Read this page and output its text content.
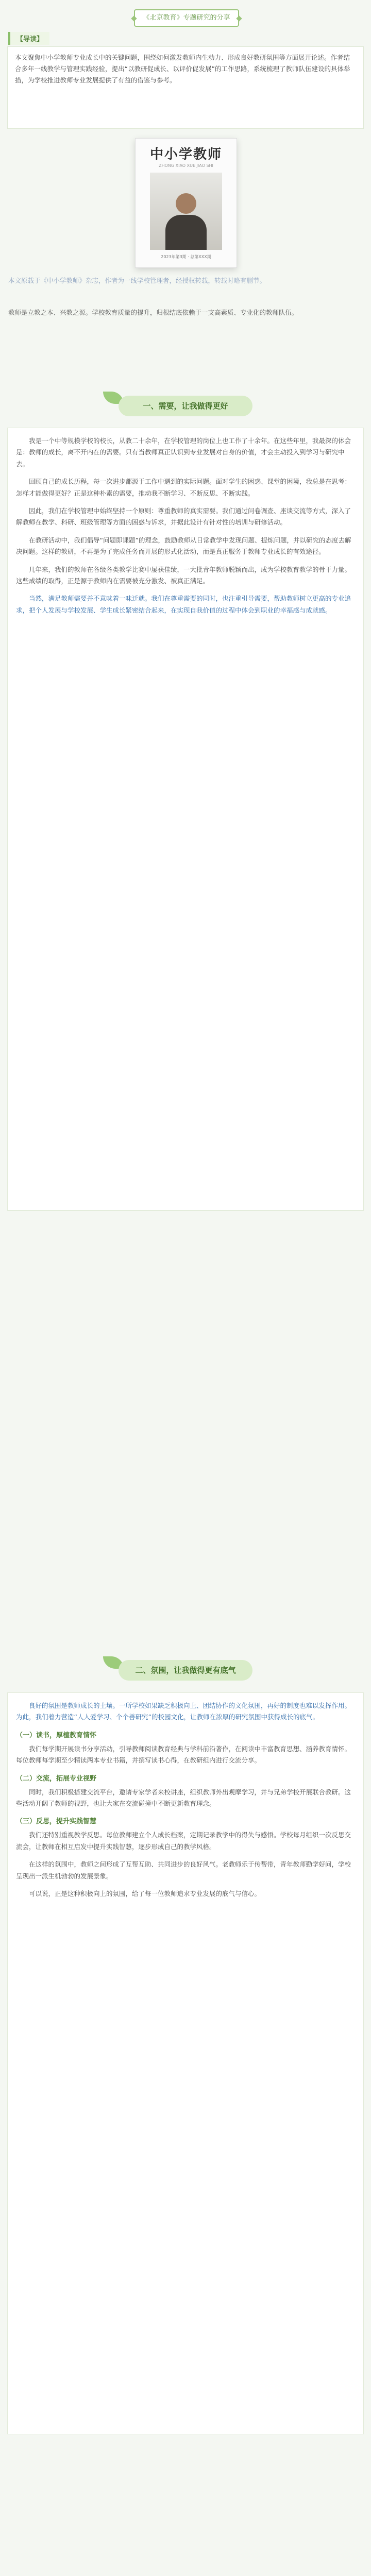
《北京教育》专题研究的分享
【导读】

本文聚焦中小学教师专业成长中的关键问题，围绕如何激发教师内生动力、形成良好教研氛围等方面展开论述。作者结合多年一线教学与管理实践经验，提出“以教研促成长、以评价促发展”的工作思路，系统梳理了教师队伍建设的具体举措，为学校推进教师专业发展提供了有益的借鉴与参考。

中小学教师
ZHONG XIAO XUE JIAO SHI
2023年第3期 · 总第XXX期

本文原载于《中小学教师》杂志，作者为一线学校管理者，经授权转载，转载时略有删节。

教师是立教之本、兴教之源。学校教育质量的提升，归根结底依赖于一支高素质、专业化的教师队伍。

一、需要，让我做得更好

我是一个中等规模学校的校长，从教二十余年，在学校管理的岗位上也工作了十余年。在这些年里，我最深的体会是：教师的成长，离不开内在的需要。只有当教师真正认识到专业发展对自身的价值，才会主动投入到学习与研究中去。

回顾自己的成长历程，每一次进步都源于工作中遇到的实际问题。面对学生的困惑、课堂的困境，我总是在思考：怎样才能做得更好？正是这种朴素的需要，推动我不断学习、不断反思、不断实践。

因此，我们在学校管理中始终坚持一个原则：尊重教师的真实需要。我们通过问卷调查、座谈交流等方式，深入了解教师在教学、科研、班级管理等方面的困惑与诉求，并据此设计有针对性的培训与研修活动。

在教研活动中，我们倡导“问题即课题”的理念，鼓励教师从日常教学中发现问题、提炼问题，并以研究的态度去解决问题。这样的教研，不再是为了完成任务而开展的形式化活动，而是真正服务于教师专业成长的有效途径。

几年来，我们的教师在各级各类教学比赛中屡获佳绩，一大批青年教师脱颖而出，成为学校教育教学的骨干力量。这些成绩的取得，正是源于教师内在需要被充分激发、被真正满足。

当然，满足教师需要并不意味着一味迁就。我们在尊重需要的同时，也注重引导需要，帮助教师树立更高的专业追求，把个人发展与学校发展、学生成长紧密结合起来，在实现自我价值的过程中体会到职业的幸福感与成就感。

二、氛围，让我做得更有底气

良好的氛围是教师成长的土壤。一所学校如果缺乏积极向上、团结协作的文化氛围，再好的制度也难以发挥作用。为此，我们着力营造“人人爱学习、个个善研究”的校园文化，让教师在浓厚的研究氛围中获得成长的底气。

（一）读书，厚植教育情怀

我们每学期开展读书分享活动，引导教师阅读教育经典与学科前沿著作，在阅读中丰富教育思想、涵养教育情怀。每位教师每学期至少精读两本专业书籍，并撰写读书心得，在教研组内进行交流分享。

（二）交流，拓展专业视野

同时，我们积极搭建交流平台，邀请专家学者来校讲座，组织教师外出观摩学习，并与兄弟学校开展联合教研。这些活动开阔了教师的视野，也让大家在交流碰撞中不断更新教育理念。

（三）反思，提升实践智慧

我们还特别重视教学反思。每位教师建立个人成长档案，定期记录教学中的得失与感悟。学校每月组织一次反思交流会，让教师在相互启发中提升实践智慧，逐步形成自己的教学风格。

在这样的氛围中，教师之间形成了互帮互助、共同进步的良好风气。老教师乐于传帮带，青年教师勤学好问，学校呈现出一派生机勃勃的发展景象。

可以说，正是这种积极向上的氛围，给了每一位教师追求专业发展的底气与信心。
